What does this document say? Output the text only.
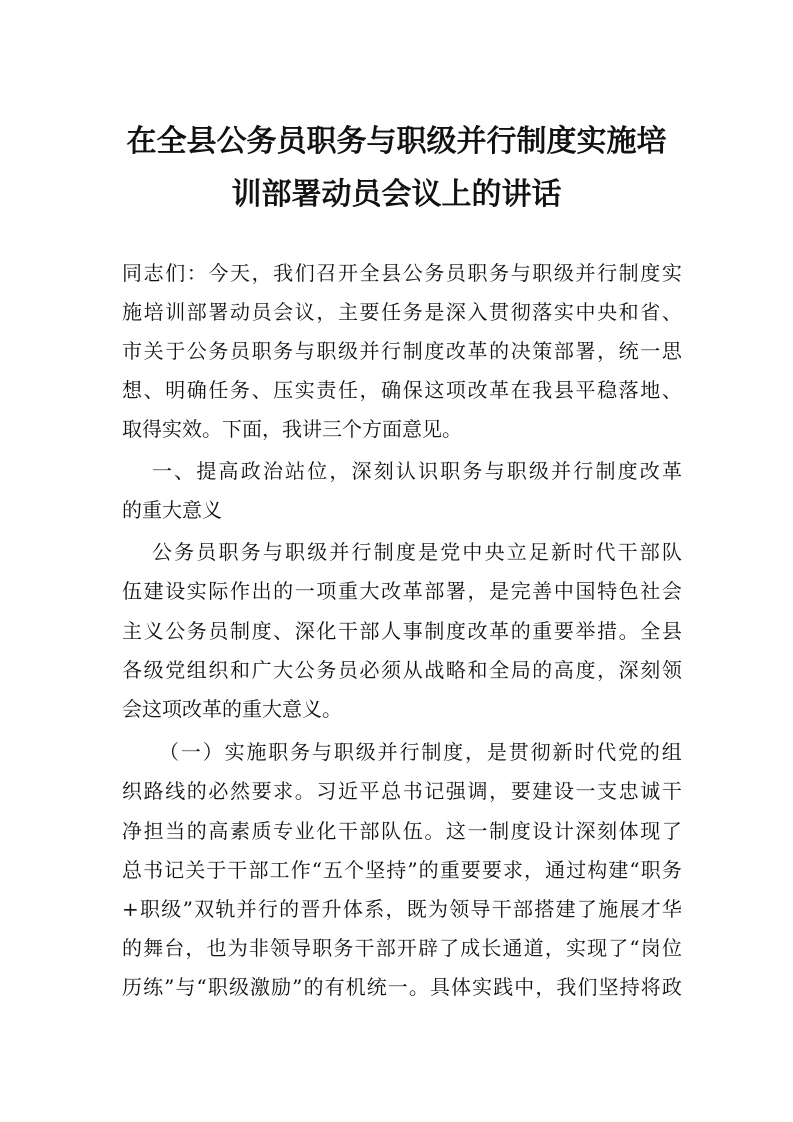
在全县公务员职务与职级并行制度实施培
训部署动员会议上的讲话
同 志 们 ： 今 天 ， 我 们 召 开 全 县 公 务 员 职 务 与 职 级 并 行 制 度 实
施 培 训 部 署 动 员 会 议 ， 主 要 任 务 是 深 入 贯 彻 落 实 中 央 和 省 、
市 关 于 公 务 员 职 务 与 职 级 并 行 制 度 改 革 的 决 策 部 署 ， 统 一 思
想 、 明 确 任 务 、 压 实 责 任 ， 确 保 这 项 改 革 在 我 县 平 稳 落 地 、
取得实效。下面，我讲三个方面意见。
一 、 提 高 政 治 站 位 ， 深 刻 认 识 职 务 与 职 级 并 行 制 度 改 革
的重大意义
公 务 员 职 务 与 职 级 并 行 制 度 是 党 中 央 立 足 新 时 代 干 部 队
伍 建 设 实 际 作 出 的 一 项 重 大 改 革 部 署 ， 是 完 善 中 国 特 色 社 会
主 义 公 务 员 制 度 、 深 化 干 部 人 事 制 度 改 革 的 重 要 举 措 。 全 县
各 级 党 组 织 和 广 大 公 务 员 必 须 从 战 略 和 全 局 的 高 度 ， 深 刻 领
会这项改革的重大意义。
（ 一 ） 实 施 职 务 与 职 级 并 行 制 度 ， 是 贯 彻 新 时 代 党 的 组
织 路 线 的 必 然 要 求 。 习 近 平 总 书 记 强 调 ， 要 建 设 一 支 忠 诚 干
净 担 当 的 高 素 质 专 业 化 干 部 队 伍 。 这 一 制 度 设 计 深 刻 体 现 了
总 书 记 关 于 干 部 工 作 “ 五 个 坚 持 ” 的 重 要 要 求 ， 通 过 构 建 “ 职 务
+ 职 级 ” 双 轨 并 行 的 晋 升 体 系 ， 既 为 领 导 干 部 搭 建 了 施 展 才 华
的 舞 台 ， 也 为 非 领 导 职 务 干 部 开 辟 了 成 长 通 道 ， 实 现 了 “ 岗 位
历 练 ” 与 “ 职 级 激 励 ” 的 有 机 统 一 。 具 体 实 践 中 ， 我 们 坚 持 将 政
